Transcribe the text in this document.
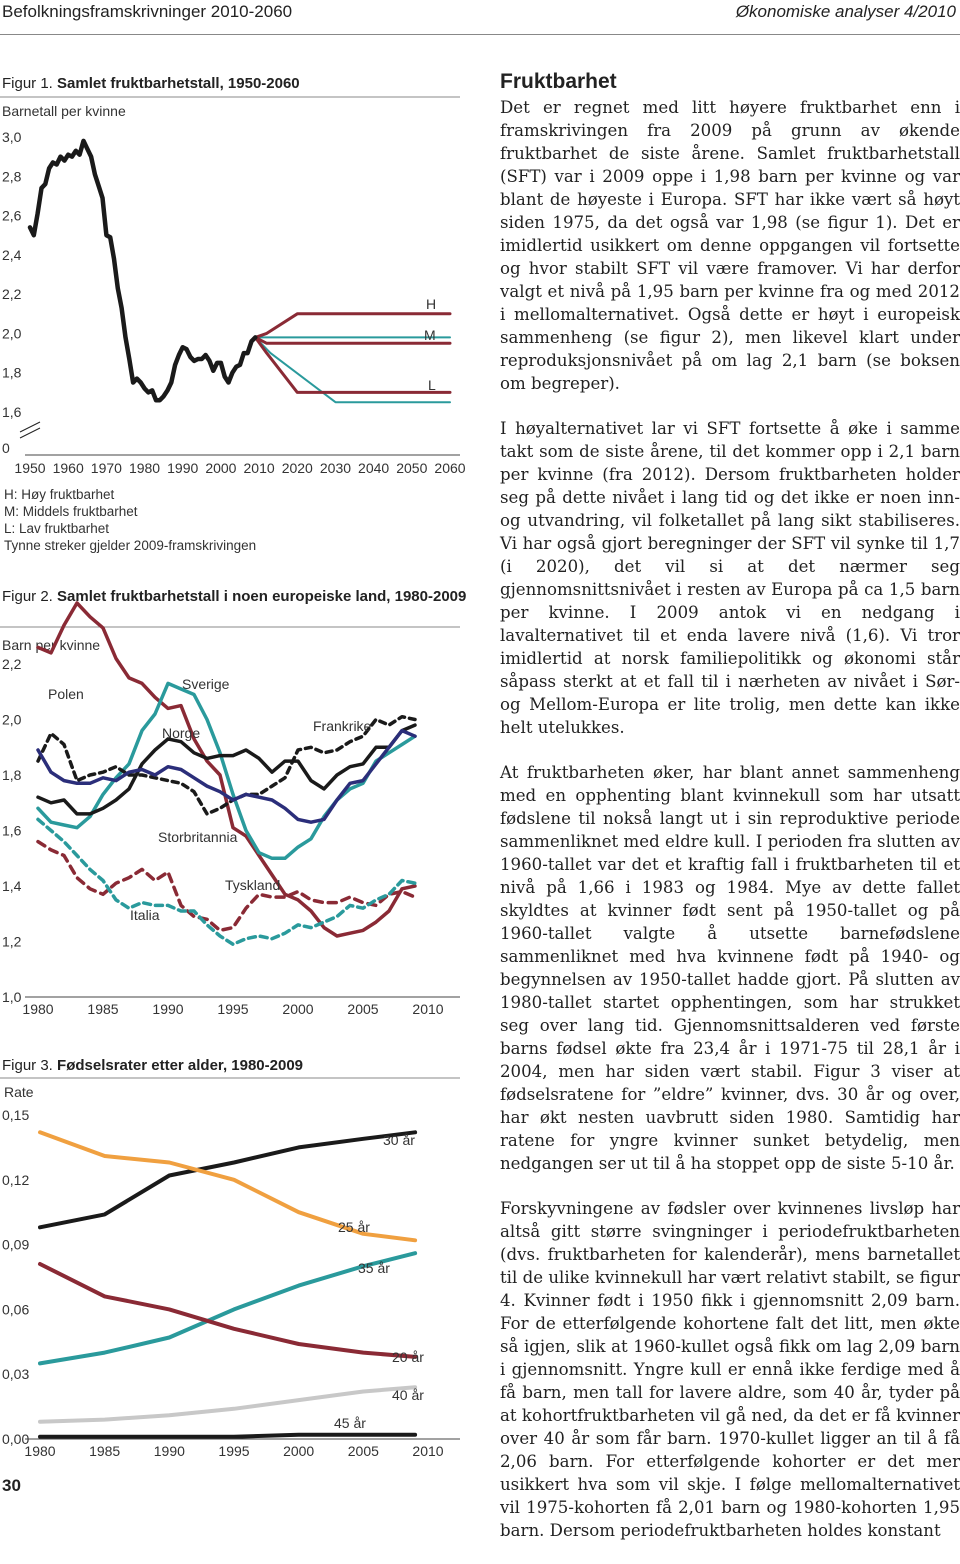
Befolkningsframskrivninger 2010-2060	Økonomiske analyser 4/2010
Figur 1. Samlet fruktbarhetstall, 1950-2060
Barnetall per kvinne
3,0
2,8
2,6
2,4
2,2
2,0
1,8
1,6
0
1950 1960 1970 1980 1990 2000 2010 2020 2030 2040 2050 2060
H
M
L
H: Høy fruktbarhet
M: Middels fruktbarhet
L: Lav fruktbarhet
Tynne streker gjelder 2009-framskrivingen
Figur 2. Samlet fruktbarhetstall i noen europeiske land, 1980-2009
Barn per kvinne
2,2
2,0
1,8
1,6
1,4
1,2
1,0
1980 1985 1990 1995 2000 2005 2010
Polen
Sverige
Norge	Frankrike
Storbritannia
Tyskland
Italia
Figur 3. Fødselsrater etter alder, 1980-2009
Rate
0,15
0,12
0,09
0,06
0,03
0,00
1980 1985 1990 1995 2000 2005 2010
30 år
25 år
35 år
20 år
40 år
45 år
30
Fruktbarhet

Det er regnet med litt høyere fruktbarhet enn i framskrivingen fra 2009 på grunn av økende fruktbarhet de siste årene. Samlet fruktbarhetstall (SFT) var i 2009 oppe i 1,98 barn per kvinne og var blant de høyeste i Europa. SFT har ikke vært så høyt siden 1975, da det også var 1,98 (se figur 1). Det er imidlertid usikkert om denne oppgangen vil fortsette og hvor stabilt SFT vil være framover. Vi har derfor valgt et nivå på 1,95 barn per kvinne fra og med 2012 i mellomalternativet. Også dette er høyt i europeisk sammenheng (se figur 2), men likevel klart under reproduksjonsnivået på om lag 2,1 barn (se boksen om begreper).

I høyalternativet lar vi SFT fortsette å øke i samme takt som de siste årene, til det kommer opp i 2,1 barn per kvinne (fra 2012). Dersom fruktbarheten holder seg på dette nivået i lang tid og det ikke er noen inn- og utvandring, vil folketallet på lang sikt stabiliseres. Vi har også gjort beregninger der SFT vil synke til 1,7 (i 2020), det vil si at det nærmer seg gjennomsnittsnivået i resten av Europa på ca 1,5 barn per kvinne. I 2009 antok vi en nedgang i lavalternativet til et enda lavere nivå (1,6). Vi tror imidlertid at norsk familiepolitikk og økonomi står såpass sterkt at et fall til i nærheten av nivået i Sør- og Mellom-Europa er lite trolig, men dette kan ikke helt utelukkes.

At fruktbarheten øker, har blant annet sammenheng med en opphenting blant kvinnekull som har utsatt fødslene til nokså langt ut i sin reproduktive periode sammenliknet med eldre kull. I perioden fra slutten av 1960-tallet var det et kraftig fall i fruktbarheten til et nivå på 1,66 i 1983 og 1984. Mye av dette fallet skyldtes at kvinner født sent på 1950-tallet og på 1960-tallet valgte å utsette barnefødslene sammenliknet med hva kvinnene født på 1940- og begynnelsen av 1950-tallet hadde gjort. På slutten av 1980-tallet startet opphentingen, som har strukket seg over lang tid. Gjennomsnittsalderen ved første barns fødsel økte fra 23,4 år i 1971-75 til 28,1 år i 2004, men har siden vært stabil. Figur 3 viser at fødselsratene for ”eldre” kvinner, dvs. 30 år og over, har økt nesten uavbrutt siden 1980. Samtidig har ratene for yngre kvinner sunket betydelig, men nedgangen ser ut til å ha stoppet opp de siste 5-10 år.

Forskyvningene av fødsler over kvinnenes livsløp har altså gitt større svingninger i periodefruktbarheten (dvs. fruktbarheten for kalenderår), mens barnetallet til de ulike kvinnekull har vært relativt stabilt, se figur 4. Kvinner født i 1950 fikk i gjennomsnitt 2,09 barn. For de etterfølgende kohortene falt det litt, men økte så igjen, slik at 1960-kullet også fikk om lag 2,09 barn i gjennomsnitt. Yngre kull er ennå ikke ferdige med å få barn, men tall for lavere aldre, som 40 år, tyder på at kohortfruktbarheten vil gå ned, da det er få kvinner over 40 år som får barn. 1970-kullet ligger an til å få 2,06 barn. For etterfølgende kohorter er det mer usikkert hva som vil skje. I følge mellomalternativet vil 1975-kohorten få 2,01 barn og 1980-kohorten 1,95 barn. Dersom periodefruktbarheten holdes konstant
